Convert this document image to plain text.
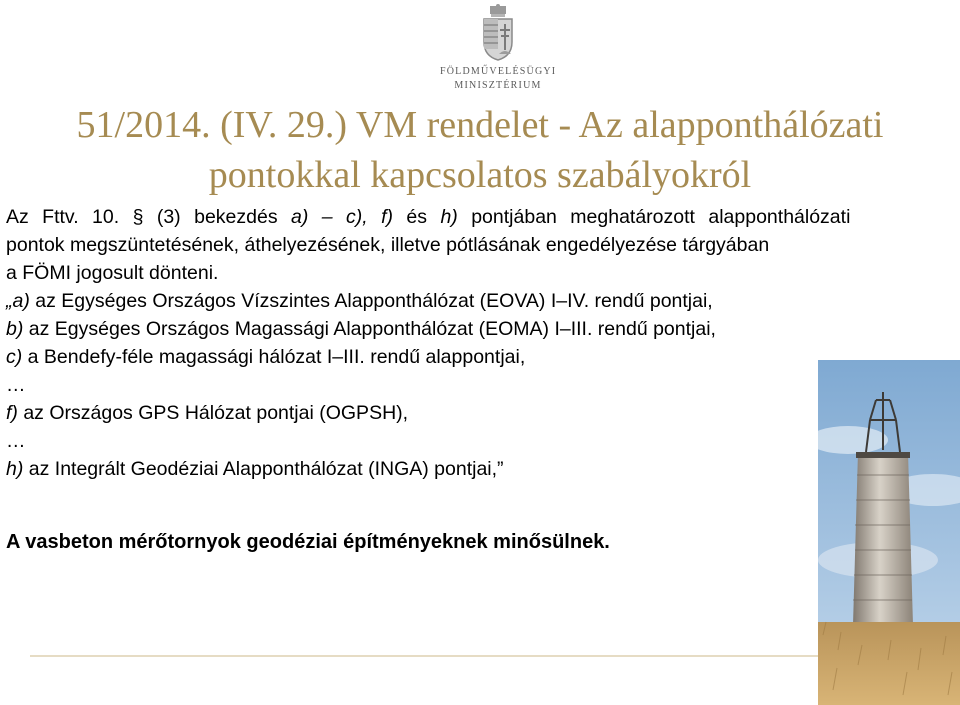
FÖLDMŰVELÉSÜGYI
MINISZTÉRIUM
51/2014. (IV. 29.) VM rendelet - Az alapponthálózati
pontokkal kapcsolatos szabályokról
Az Fttv. 10. § (3) bekezdés a) – c), f) és h) pontjában meghatározott alapponthálózati
pontok megszüntetésének, áthelyezésének, illetve pótlásának engedélyezése tárgyában
a FÖMI jogosult dönteni.
„a) az Egységes Országos Vízszintes Alapponthálózat (EOVA) I–IV. rendű pontjai,
b) az Egységes Országos Magassági Alapponthálózat (EOMA) I–III. rendű pontjai,
c) a Bendefy-féle magassági hálózat I–III. rendű alappontjai,
…
f) az Országos GPS Hálózat pontjai (OGPSH),
…
h) az Integrált Geodéziai Alapponthálózat (INGA) pontjai,”
A vasbeton mérőtornyok geodéziai építményeknek minősülnek.
